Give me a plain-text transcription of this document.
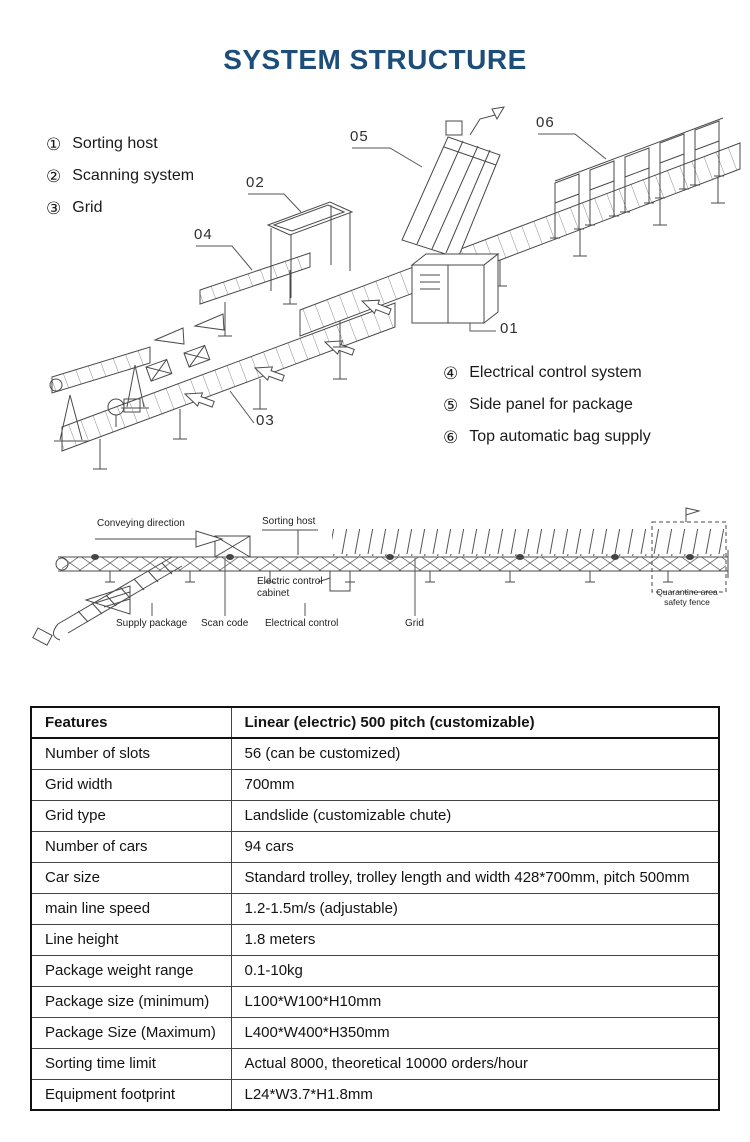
SYSTEM STRUCTURE
05
06
02
04
01
03
① Sorting host
② Scanning system
③ Grid
④ Electrical control system
⑤ Side panel for package
⑥ Top automatic bag supply
Conveying direction	Sorting host
Electric control cabinet	Quarantine area safety fence
Supply package Scan code Electrical control	Grid
Features	Linear (electric) 500 pitch (customizable)
Number of slots	56 (can be customized)
Grid width	700mm
Grid type	Landslide (customizable chute)
Number of cars	94 cars
Car size	Standard trolley, trolley length and width 428*700mm, pitch 500mm
main line speed	1.2-1.5m/s (adjustable)
Line height	1.8 meters
Package weight range	0.1-10kg
Package size (minimum)	L100*W100*H10mm
Package Size (Maximum)	L400*W400*H350mm
Sorting time limit	Actual 8000, theoretical 10000 orders/hour
Equipment footprint	L24*W3.7*H1.8mm
